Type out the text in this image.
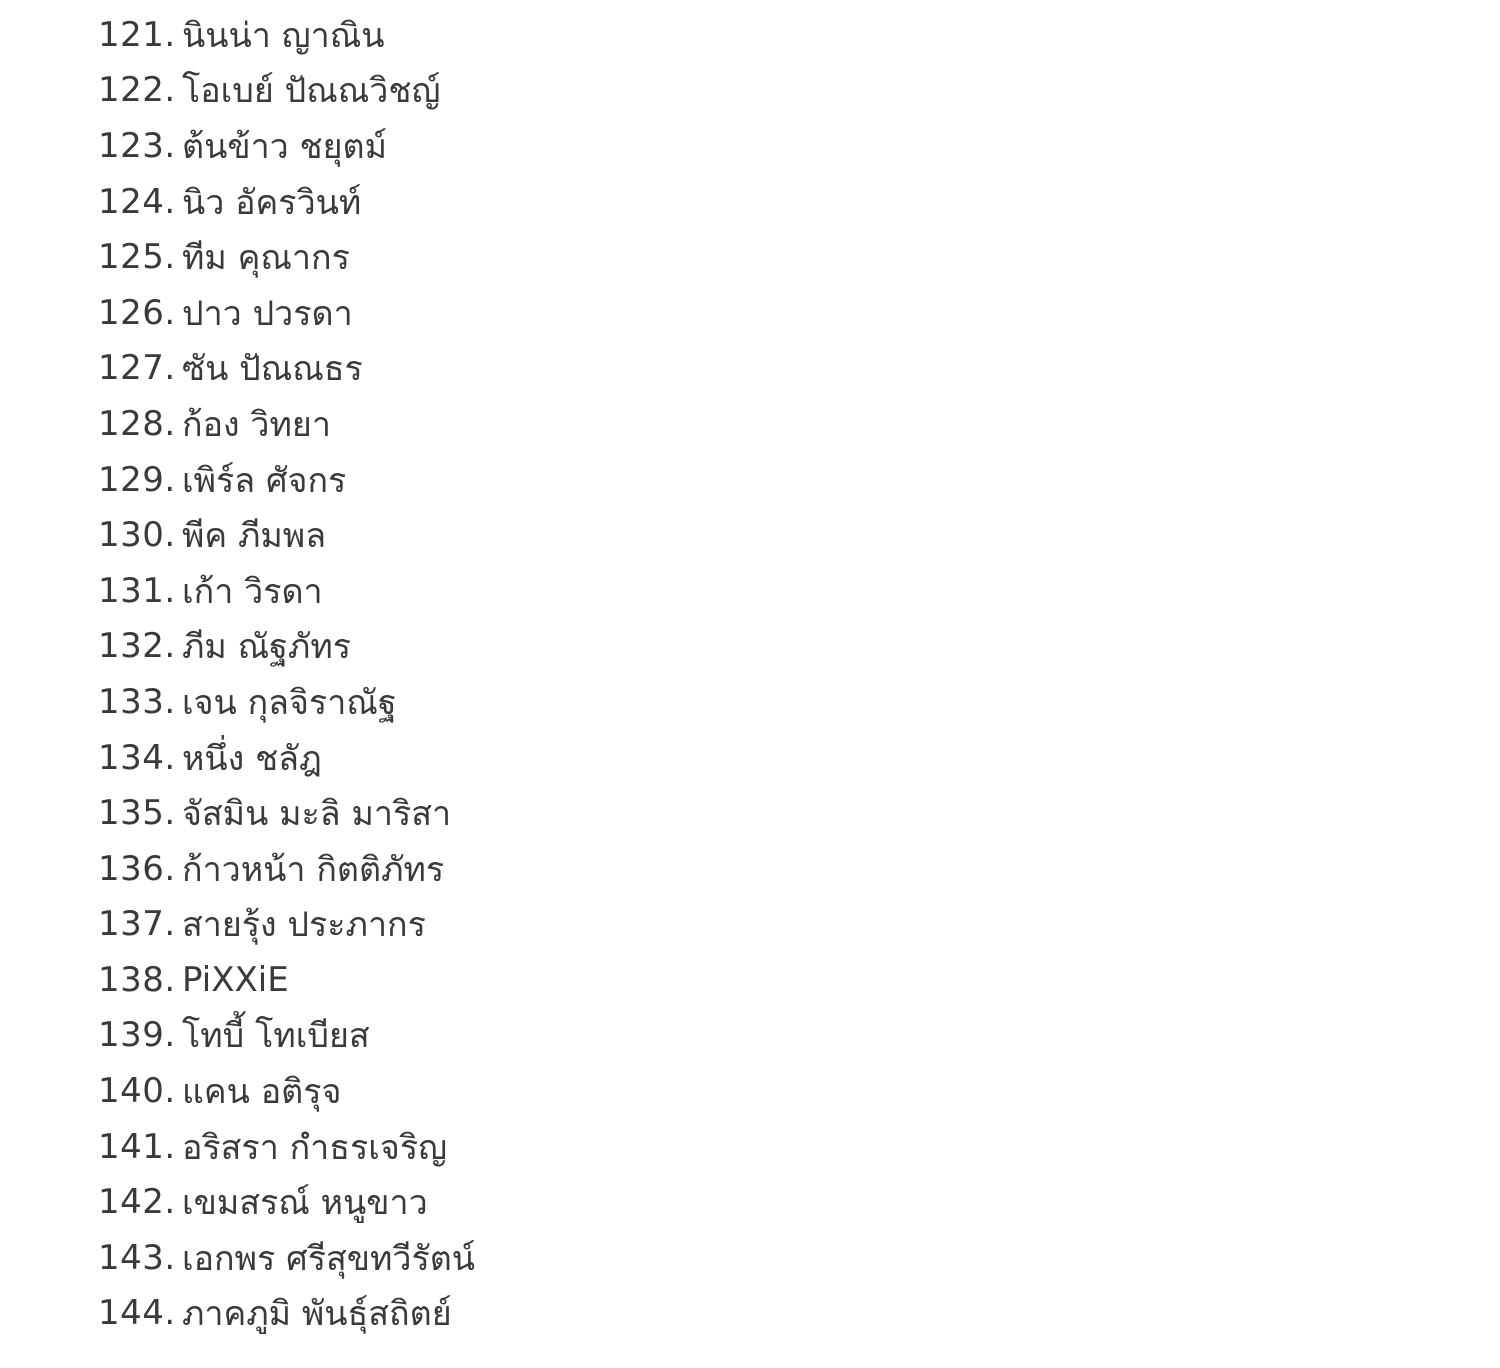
121. นินน่า ญาณิน
122. โอเบย์ ปัณณวิชญ์
123. ต้นข้าว ชยุตม์
124. นิว อัครวินท์
125. ทีม คุณากร
126. ปาว ปวรดา
127. ซัน ปัณณธร
128. ก้อง วิทยา
129. เพิร์ล ศัจกร
130. พีค ภีมพล
131. เก้า วิรดา
132. ภีม ณัฐภัทร
133. เจน กุลจิราณัฐ
134. หนึ่ง ชลัฎ
135. จัสมิน มะลิ มาริสา
136. ก้าวหน้า กิตติภัทร
137. สายรุ้ง ประภากร
138. PiXXiE
139. โทบี้ โทเบียส
140. แคน อติรุจ
141. อริสรา กำธรเจริญ
142. เขมสรณ์ หนูขาว
143. เอกพร ศรีสุขทวีรัตน์
144. ภาคภูมิ พันธุ์สถิตย์
